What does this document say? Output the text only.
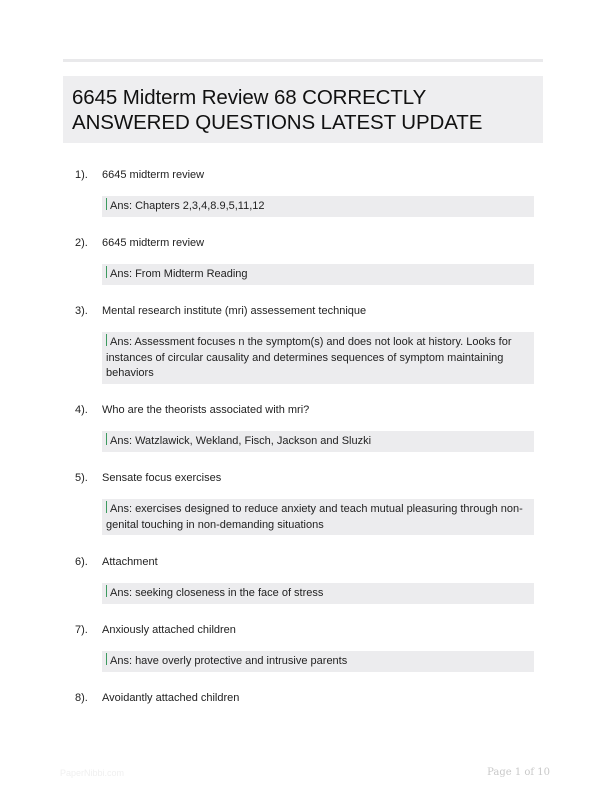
6645 Midterm Review 68 CORRECTLY ANSWERED QUESTIONS LATEST UPDATE
1). 6645 midterm review
Ans: Chapters 2,3,4,8.9,5,11,12
2). 6645 midterm review
Ans: From Midterm Reading
3). Mental research institute (mri) assessement technique
Ans: Assessment focuses n the symptom(s) and does not look at history. Looks for instances of circular causality and determines sequences of symptom maintaining behaviors
4). Who are the theorists associated with mri?
Ans: Watzlawick, Wekland, Fisch, Jackson and Sluzki
5). Sensate focus exercises
Ans: exercises designed to reduce anxiety and teach mutual pleasuring through non-genital touching in non-demanding situations
6). Attachment
Ans: seeking closeness in the face of stress
7). Anxiously attached children
Ans: have overly protective and intrusive parents
8). Avoidantly attached children
PaperNibbi.com	Page 1 of 10
